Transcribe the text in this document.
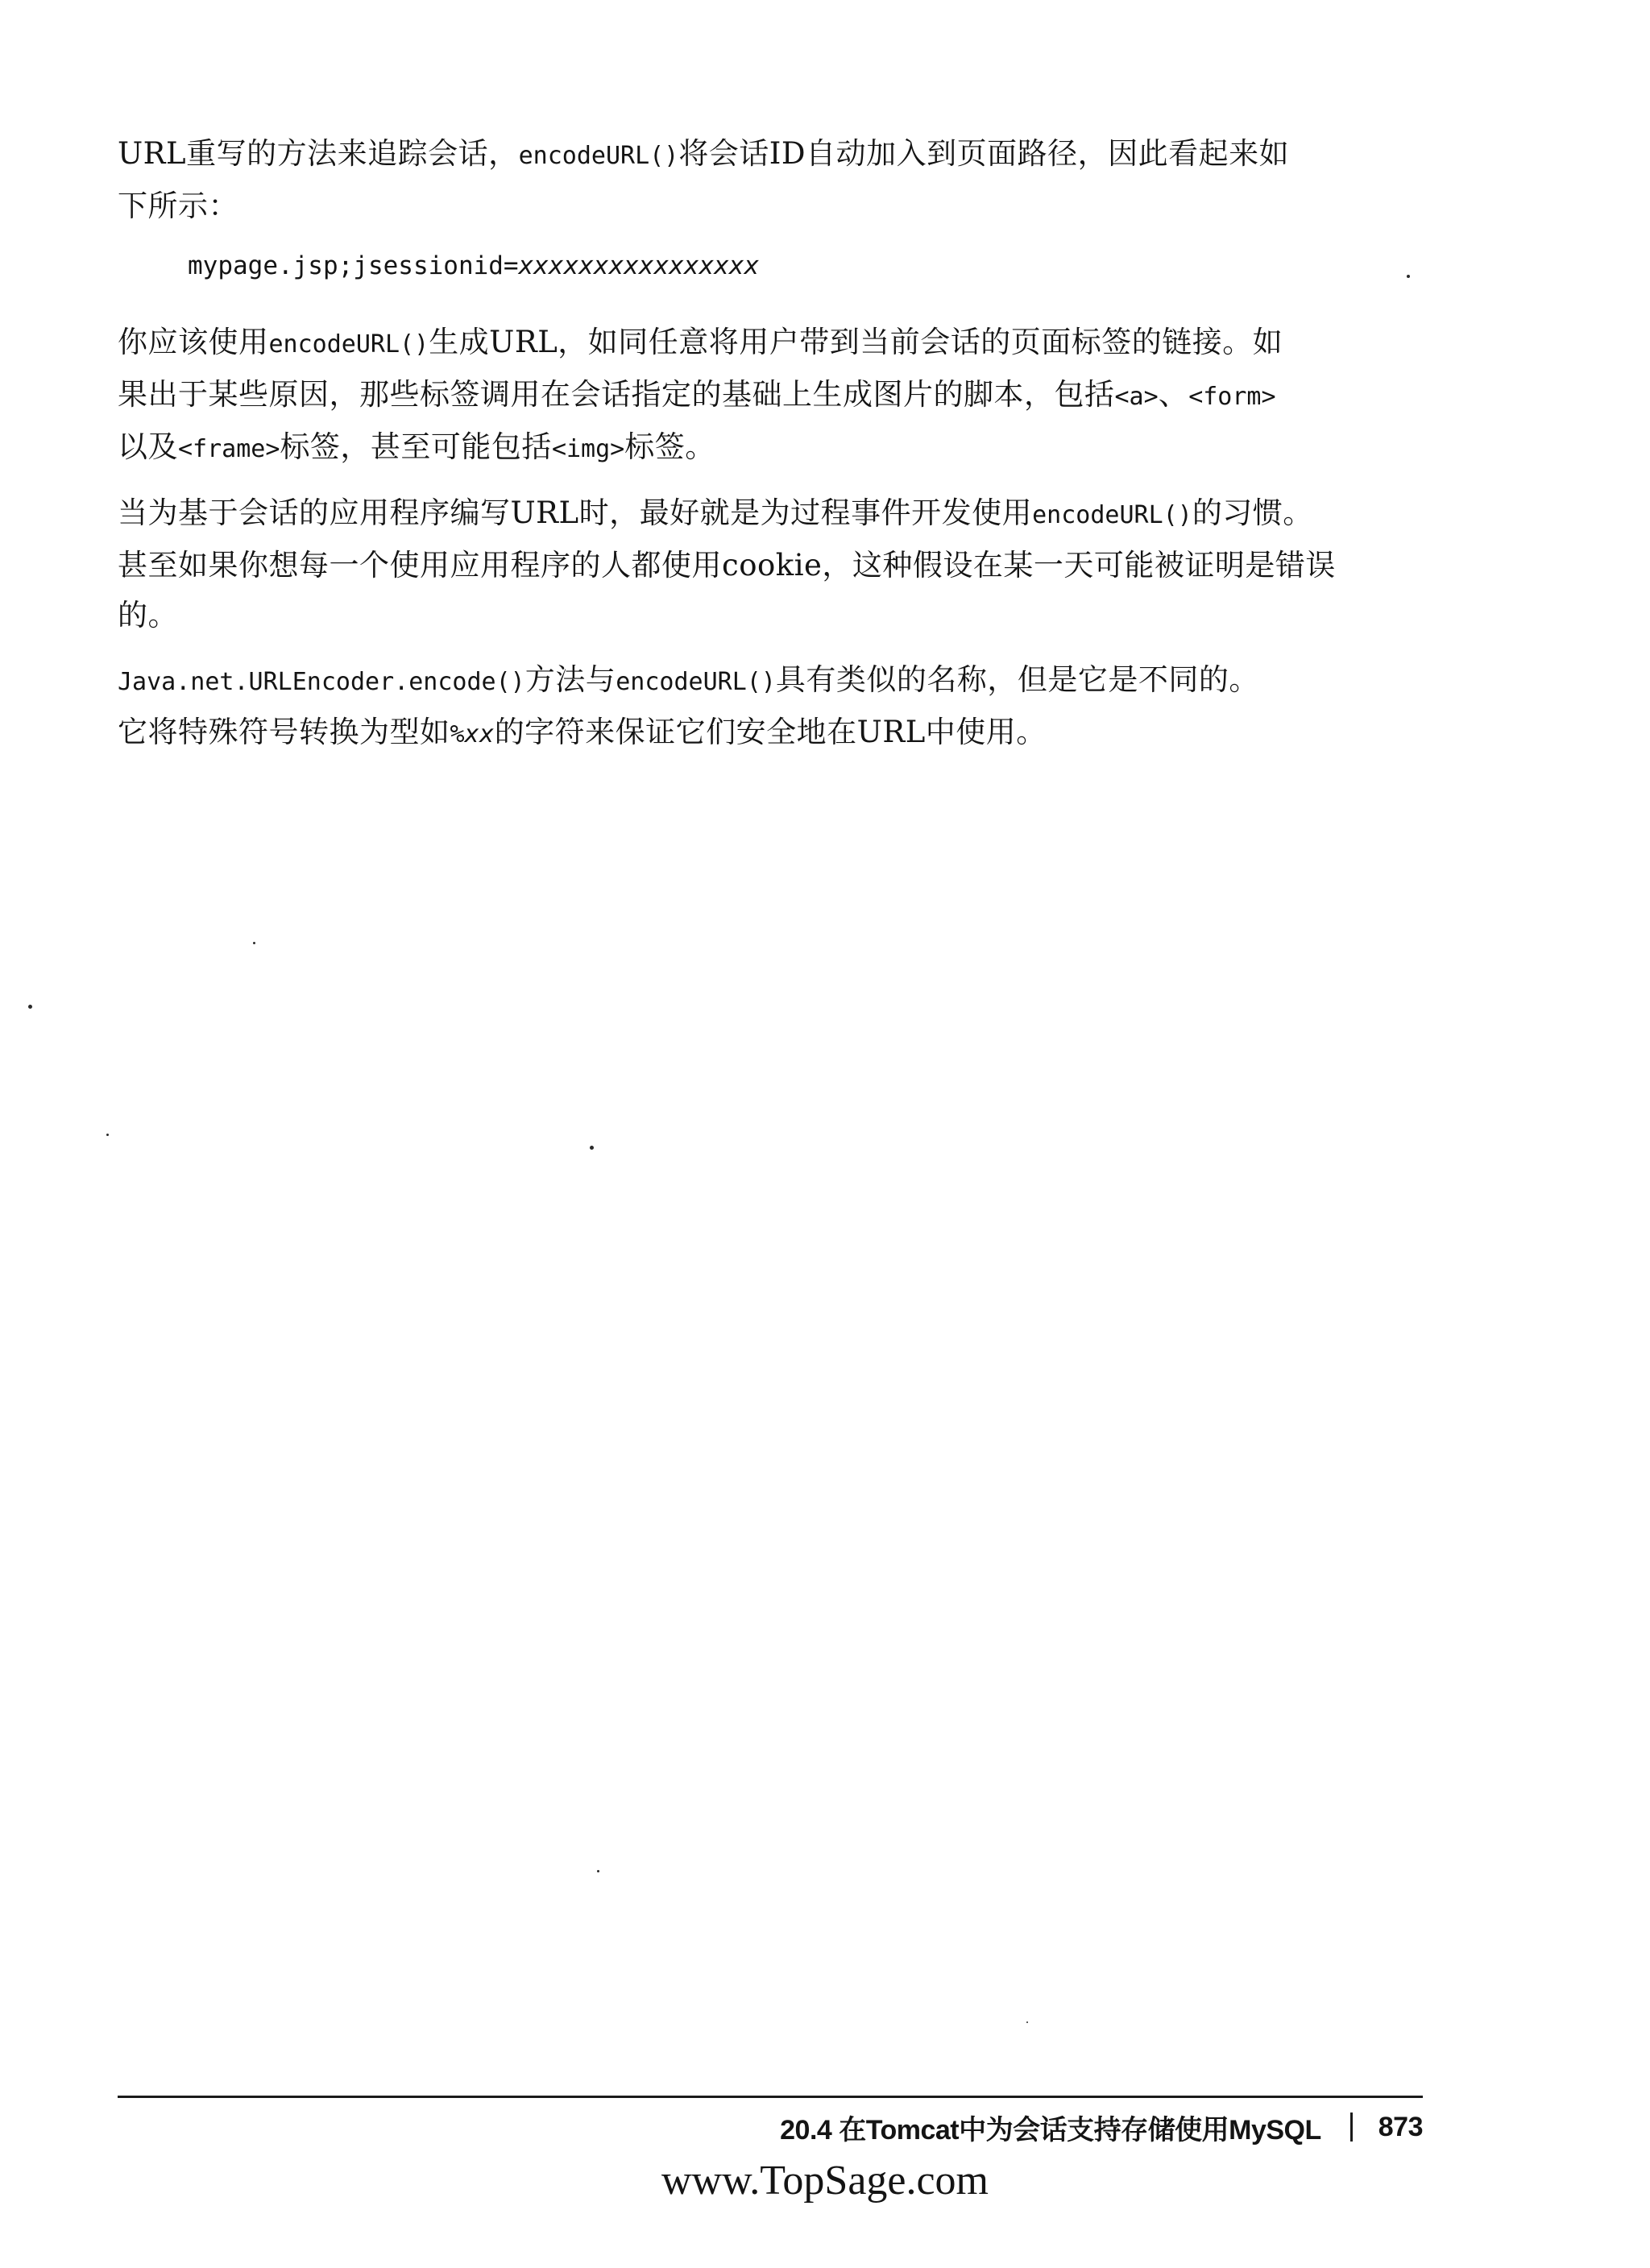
URL重写的方法来追踪会话，encodeURL()将会话ID自动加入到页面路径，因此看起来如
下所示：
mypage.jsp;jsessionid=xxxxxxxxxxxxxxxx
你应该使用encodeURL()生成URL，如同任意将用户带到当前会话的页面标签的链接。如
果出于某些原因，那些标签调用在会话指定的基础上生成图片的脚本，包括<a>、<form>
以及<frame>标签，甚至可能包括<img>标签。
当为基于会话的应用程序编写URL时，最好就是为过程事件开发使用encodeURL()的习惯。
甚至如果你想每一个使用应用程序的人都使用cookie，这种假设在某一天可能被证明是错误
的。
Java.net.URLEncoder.encode()方法与encodeURL()具有类似的名称，但是它是不同的。
它将特殊符号转换为型如%xx的字符来保证它们安全地在URL中使用。
20.4 在Tomcat中为会话支持存储使用MySQL 873
www.TopSage.com
